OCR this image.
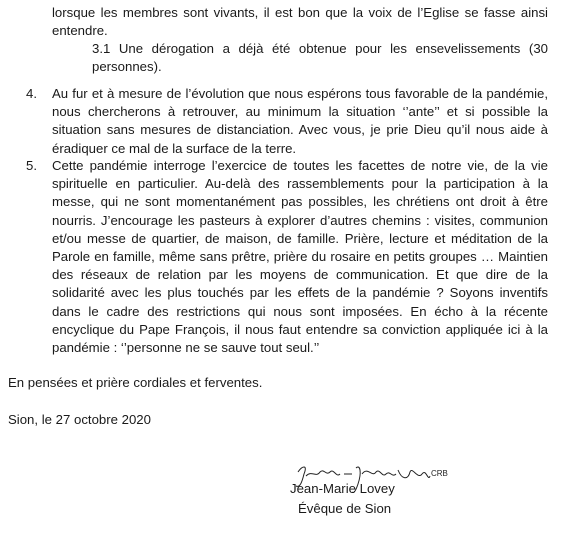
lorsque les membres sont vivants, il est bon que la voix de l’Eglise se fasse ainsi entendre.
3.1 Une dérogation a déjà été obtenue pour les ensevelissements (30 personnes).
4. Au fur et à mesure de l’évolution que nous espérons tous favorable de la pandémie, nous chercherons à retrouver, au minimum la situation ‘’ante’’ et si possible la situation sans mesures de distanciation. Avec vous, je prie Dieu qu’il nous aide à éradiquer ce mal de la surface de la terre.
5. Cette pandémie interroge l’exercice de toutes les facettes de notre vie, de la vie spirituelle en particulier. Au-delà des rassemblements pour la participation à la messe, qui ne sont momentanément pas possibles, les chrétiens ont droit à être nourris. J’encourage les pasteurs à explorer d’autres chemins : visites, communion et/ou messe de quartier, de maison, de famille. Prière, lecture et méditation de la Parole en famille, même sans prêtre, prière du rosaire en petits groupes … Maintien des réseaux de relation par les moyens de communication. Et que dire de la solidarité avec les plus touchés par les effets de la pandémie ? Soyons inventifs dans le cadre des restrictions qui nous sont imposées. En écho à la récente encyclique du Pape François, il nous faut entendre sa conviction appliquée ici à la pandémie : ‘’personne ne se sauve tout seul.’’
En pensées et prière cordiales et ferventes.
Sion, le 27 octobre 2020
CRB
Jean-Marie Lovey
Évêque de Sion
